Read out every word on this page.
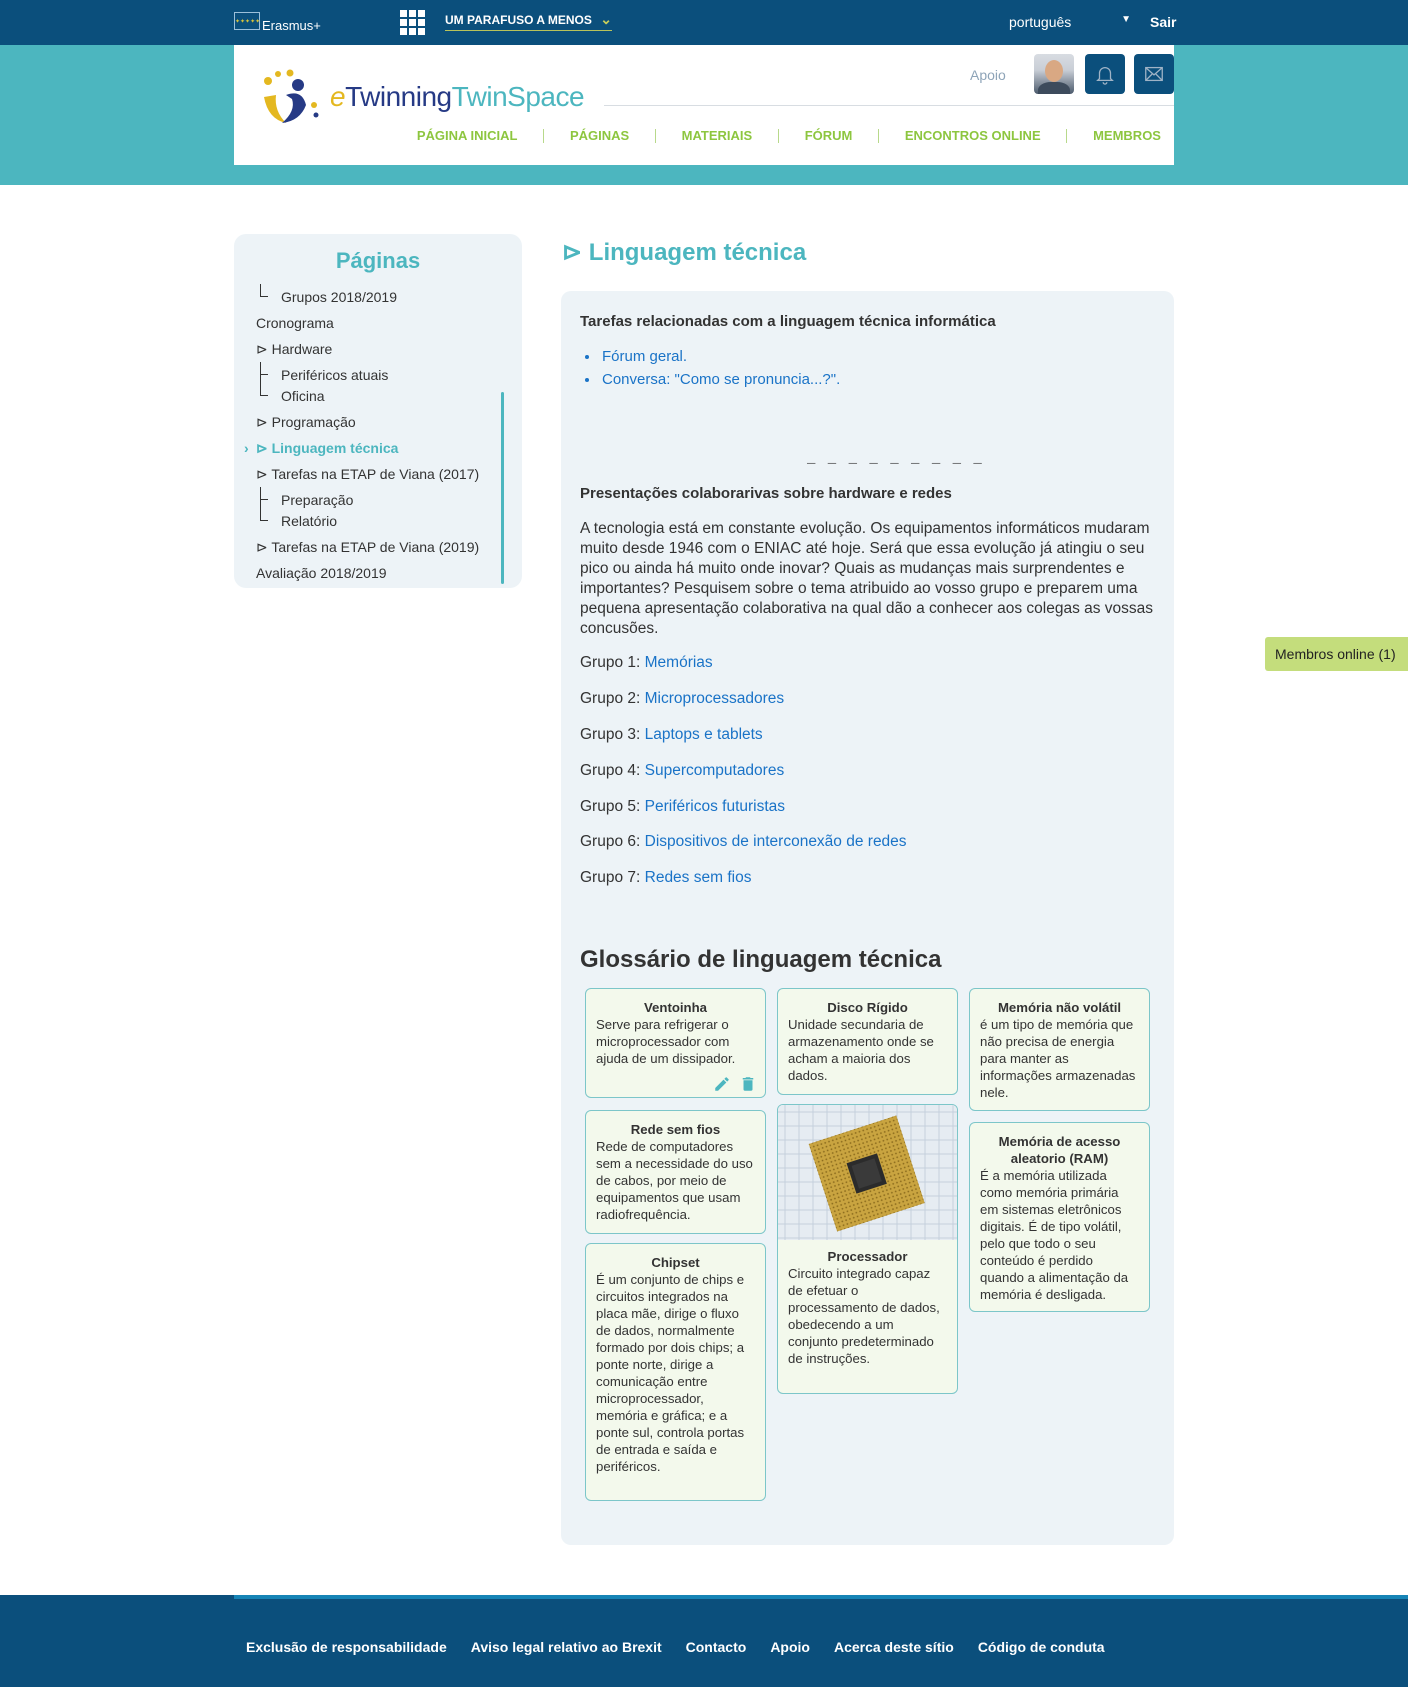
✦✦✦✦✦ Erasmus+	UM PARAFUSO A MENOS ⌄	português	▼ Sair
eTwinningTwinSpace
Apoio
PÁGINA INICIAL	PÁGINAS	MATERIAIS	FÓRUM	ENCONTROS ONLINE	MEMBROS
Páginas
Grupos 2018/2019
Cronograma
⊳ Hardware
Periféricos atuais
Oficina
⊳ Programação
› ⊳ Linguagem técnica
⊳ Tarefas na ETAP de Viana (2017)
Preparação
Relatório
⊳ Tarefas na ETAP de Viana (2019)
Avaliação 2018/2019
⊳ Linguagem técnica
Tarefas relacionadas com a linguagem técnica informática
• Fórum geral.
• Conversa: "Como se pronuncia...?".
_ _ _ _ _ _ _ _ _
Presentações colaborarivas sobre hardware e redes

A tecnologia está em constante evolução. Os equipamentos informáticos mudaram muito desde 1946 com o ENIAC até hoje. Será que essa evolução já atingiu o seu pico ou ainda há muito onde inovar? Quais as mudanças mais surprendentes e importantes? Pesquisem sobre o tema atribuido ao vosso grupo e preparem uma pequena apresentação colaborativa na qual dão a conhecer aos colegas as vossas concusões.

Grupo 1: Memórias
Grupo 2: Microprocessadores
Grupo 3: Laptops e tablets
Grupo 4: Supercomputadores
Grupo 5: Periféricos futuristas
Grupo 6: Dispositivos de interconexão de redes
Grupo 7: Redes sem fios
Glossário de linguagem técnica
Ventoinha
Serve para refrigerar o microprocessador com ajuda de um dissipador.
Rede sem fios
Rede de computadores sem a necessidade do uso de cabos, por meio de equipamentos que usam radiofrequência.
Chipset
É um conjunto de chips e circuitos integrados na placa mãe, dirige o fluxo de dados, normalmente formado por dois chips; a ponte norte, dirige a comunicação entre microprocessador, memória e gráfica; e a ponte sul, controla portas de entrada e saída e periféricos.
Disco Rígido
Unidade secundaria de armazenamento onde se acham a maioria dos dados.
Processador
Circuito integrado capaz de efetuar o processamento de dados, obedecendo a um conjunto predeterminado de instruções.
Memória não volátil
é um tipo de memória que não precisa de energia para manter as informações armazenadas nele.
Memória de acesso aleatorio (RAM)
É a memória utilizada como memória primária em sistemas eletrônicos digitais. É de tipo volátil, pelo que todo o seu conteúdo é perdido quando a alimentação da memória é desligada.
Membros online (1)
Exclusão de responsabilidade Aviso legal relativo ao Brexit Contacto Apoio Acerca deste sítio Código de conduta
